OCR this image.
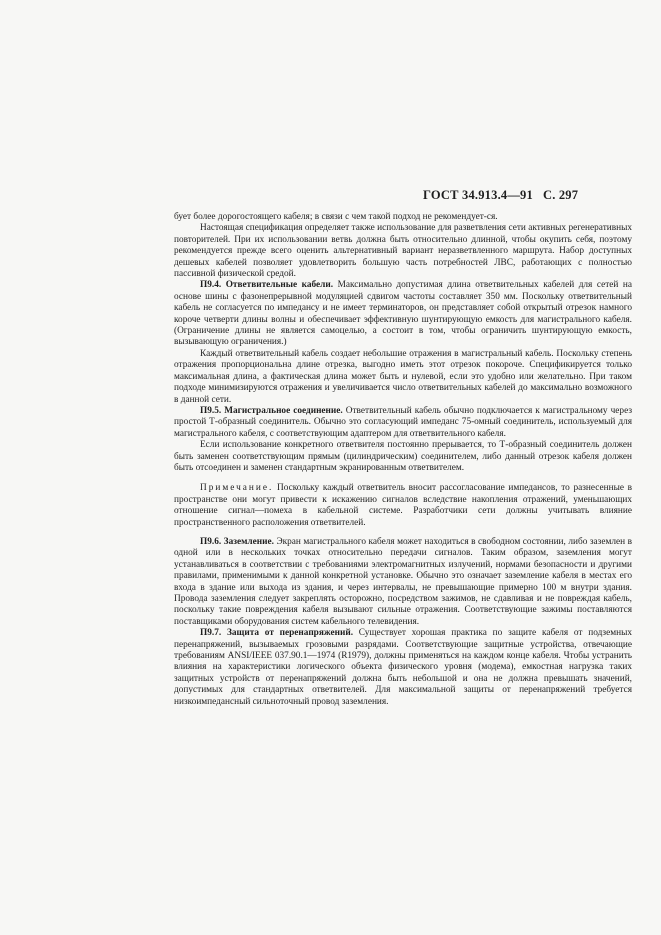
ГОСТ 34.913.4—91 С. 297

бует более дорогостоящего кабеля; в связи с чем такой подход не рекомендует-ся.

Настоящая спецификация определяет также использование для разветвления сети активных регенеративных повторителей. При их использовании ветвь должна быть относительно длинной, чтобы окупить себя, поэтому рекомендуется прежде всего оценить альтернативный вариант неразветвленного маршрута. Набор доступных дешевых кабелей позволяет удовлетворить большую часть потребностей ЛВС, работающих с полностью пассивной физической средой.

П9.4. Ответвительные кабели. Максимально допустимая длина ответвительных кабелей для сетей на основе шины с фазонепрерывной модуляцией сдвигом частоты составляет 350 мм. Поскольку ответвительный кабель не согласуется по импедансу и не имеет терминаторов, он представляет собой открытый отрезок намного короче четверти длины волны и обеспечивает эффективную шунтирующую емкость для магистрального кабеля. (Ограничение длины не является самоцелью, а состоит в том, чтобы ограничить шунтирующую емкость, вызывающую ограничения.)

Каждый ответвительный кабель создает небольшие отражения в магистральный кабель. Поскольку степень отражения пропорциональна длине отрезка, выгодно иметь этот отрезок покороче. Спецификируется только максимальная длина, а фактическая длина может быть и нулевой, если это удобно или желательно. При таком подходе минимизируются отражения и увеличивается число ответвительных кабелей до максимально возможного в данной сети.

П9.5. Магистральное соединение. Ответвительный кабель обычно подключается к магистральному через простой Т-образный соединитель. Обычно это согласующий импеданс 75-омный соединитель, используемый для магистрального кабеля, с соответствующим адаптером для ответвительного кабеля.

Если использование конкретного ответвителя постоянно прерывается, то Т-образный соединитель должен быть заменен соответствующим прямым (цилиндрическим) соединителем, либо данный отрезок кабеля должен быть отсоединен и заменен стандартным экранированным ответвителем.

Примечание. Поскольку каждый ответвитель вносит рассогласование импедансов, то разнесенные в пространстве они могут привести к искажению сигналов вследствие накопления отражений, уменьшающих отношение сигнал—помеха в кабельной системе. Разработчики сети должны учитывать влияние пространственного расположения ответвителей.

П9.6. Заземление. Экран магистрального кабеля может находиться в свободном состоянии, либо заземлен в одной или в нескольких точках относительно передачи сигналов. Таким образом, заземления могут устанавливаться в соответствии с требованиями электромагнитных излучений, нормами безопасности и другими правилами, применимыми к данной конкретной установке. Обычно это означает заземление кабеля в местах его входа в здание или выхода из здания, и через интервалы, не превышающие примерно 100 м внутри здания. Провода заземления следует закреплять осторожно, посредством зажимов, не сдавливая и не повреждая кабель, поскольку такие повреждения кабеля вызывают сильные отражения. Соответствующие зажимы поставляются поставщиками оборудования систем кабельного телевидения.

П9.7. Защита от перенапряжений. Существует хорошая практика по защите кабеля от подземных перенапряжений, вызываемых грозовыми разрядами. Соответствующие защитные устройства, отвечающие требованиям ANSI/IEEE 037.90.1—1974 (R1979), должны применяться на каждом конце кабеля. Чтобы устранить влияния на характеристики логического объекта физического уровня (модема), емкостная нагрузка таких защитных устройств от перенапряжений должна быть небольшой и она не должна превышать значений, допустимых для стандартных ответвителей. Для максимальной защиты от перенапряжений требуется низкоимпедансный сильноточный провод заземления.
